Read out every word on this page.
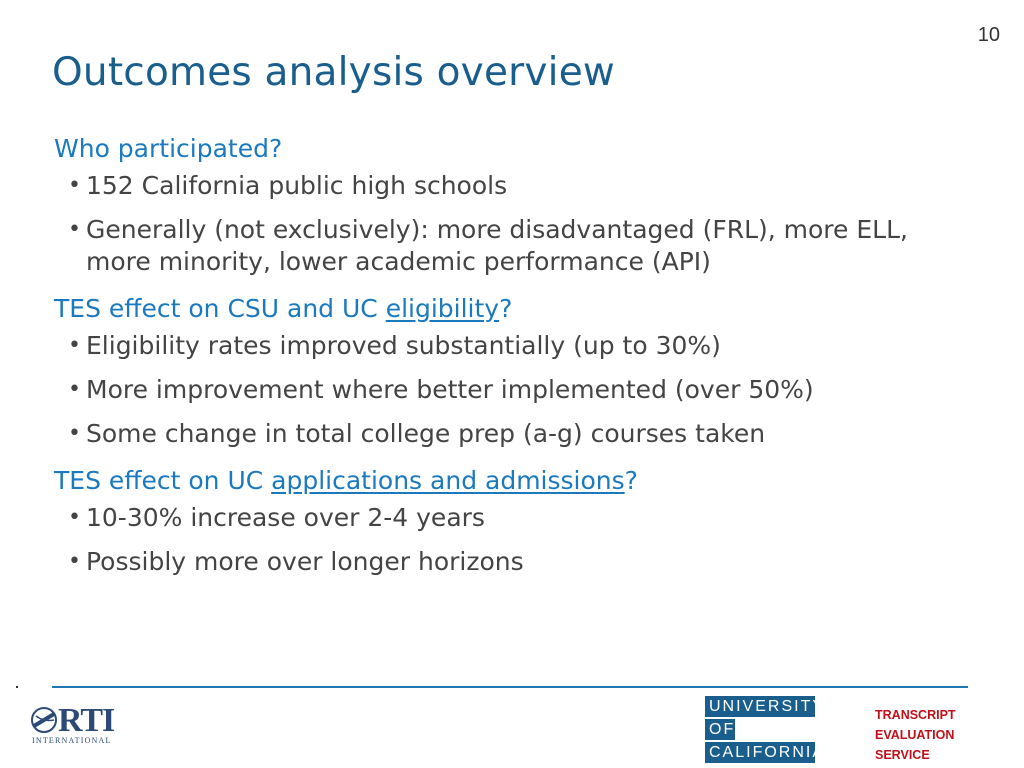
10
Outcomes analysis overview

Who participated?

• 152 California public high schools
• Generally (not exclusively): more disadvantaged (FRL), more ELL, more minority, lower academic performance (API)

TES effect on CSU and UC eligibility?

• Eligibility rates improved substantially (up to 30%)
• More improvement where better implemented (over 50%)
• Some change in total college prep (a-g) courses taken

TES effect on UC applications and admissions?

• 10-30% increase over 2-4 years
• Possibly more over longer horizons
RTI
INTERNATIONAL
UNIVERSITY
OF
CALIFORNIA
TRANSCRIPT
EVALUATION
SERVICE
